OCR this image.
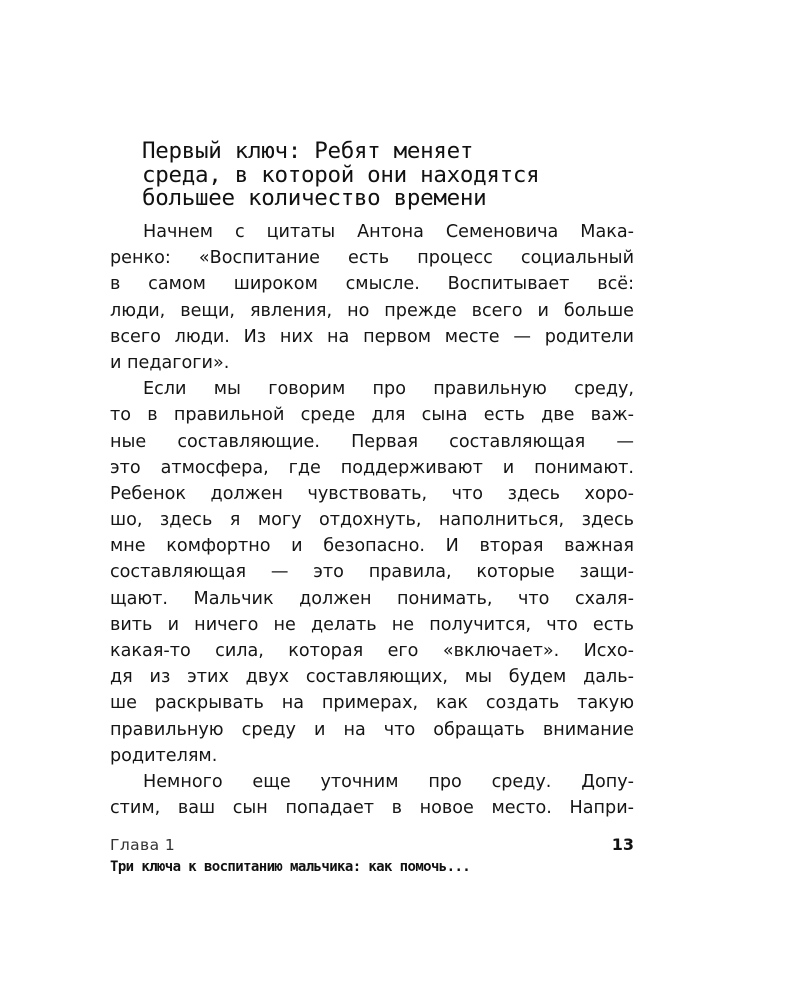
Первый ключ: Ребят меняет
среда, в которой они находятся
большее количество времени
Начнем с цитаты Антона Семеновича Мака-
ренко: «Воспитание есть процесс социальный
в самом широком смысле. Воспитывает всё:
люди, вещи, явления, но прежде всего и больше
всего люди. Из них на первом месте — родители
и педагоги».
Если мы говорим про правильную среду,
то в правильной среде для сына есть две важ-
ные составляющие. Первая составляющая —
это атмосфера, где поддерживают и понимают.
Ребенок должен чувствовать, что здесь хоро-
шо, здесь я могу отдохнуть, наполниться, здесь
мне комфортно и безопасно. И вторая важная
составляющая — это правила, которые защи-
щают. Мальчик должен понимать, что схаля-
вить и ничего не делать не получится, что есть
какая-то сила, которая его «включает». Исхо-
дя из этих двух составляющих, мы будем даль-
ше раскрывать на примерах, как создать такую
правильную среду и на что обращать внимание
родителям.
Немного еще уточним про среду. Допу-
стим, ваш сын попадает в новое место. Напри-
Глава 1	13
Три ключа к воспитанию мальчика: как помочь...
